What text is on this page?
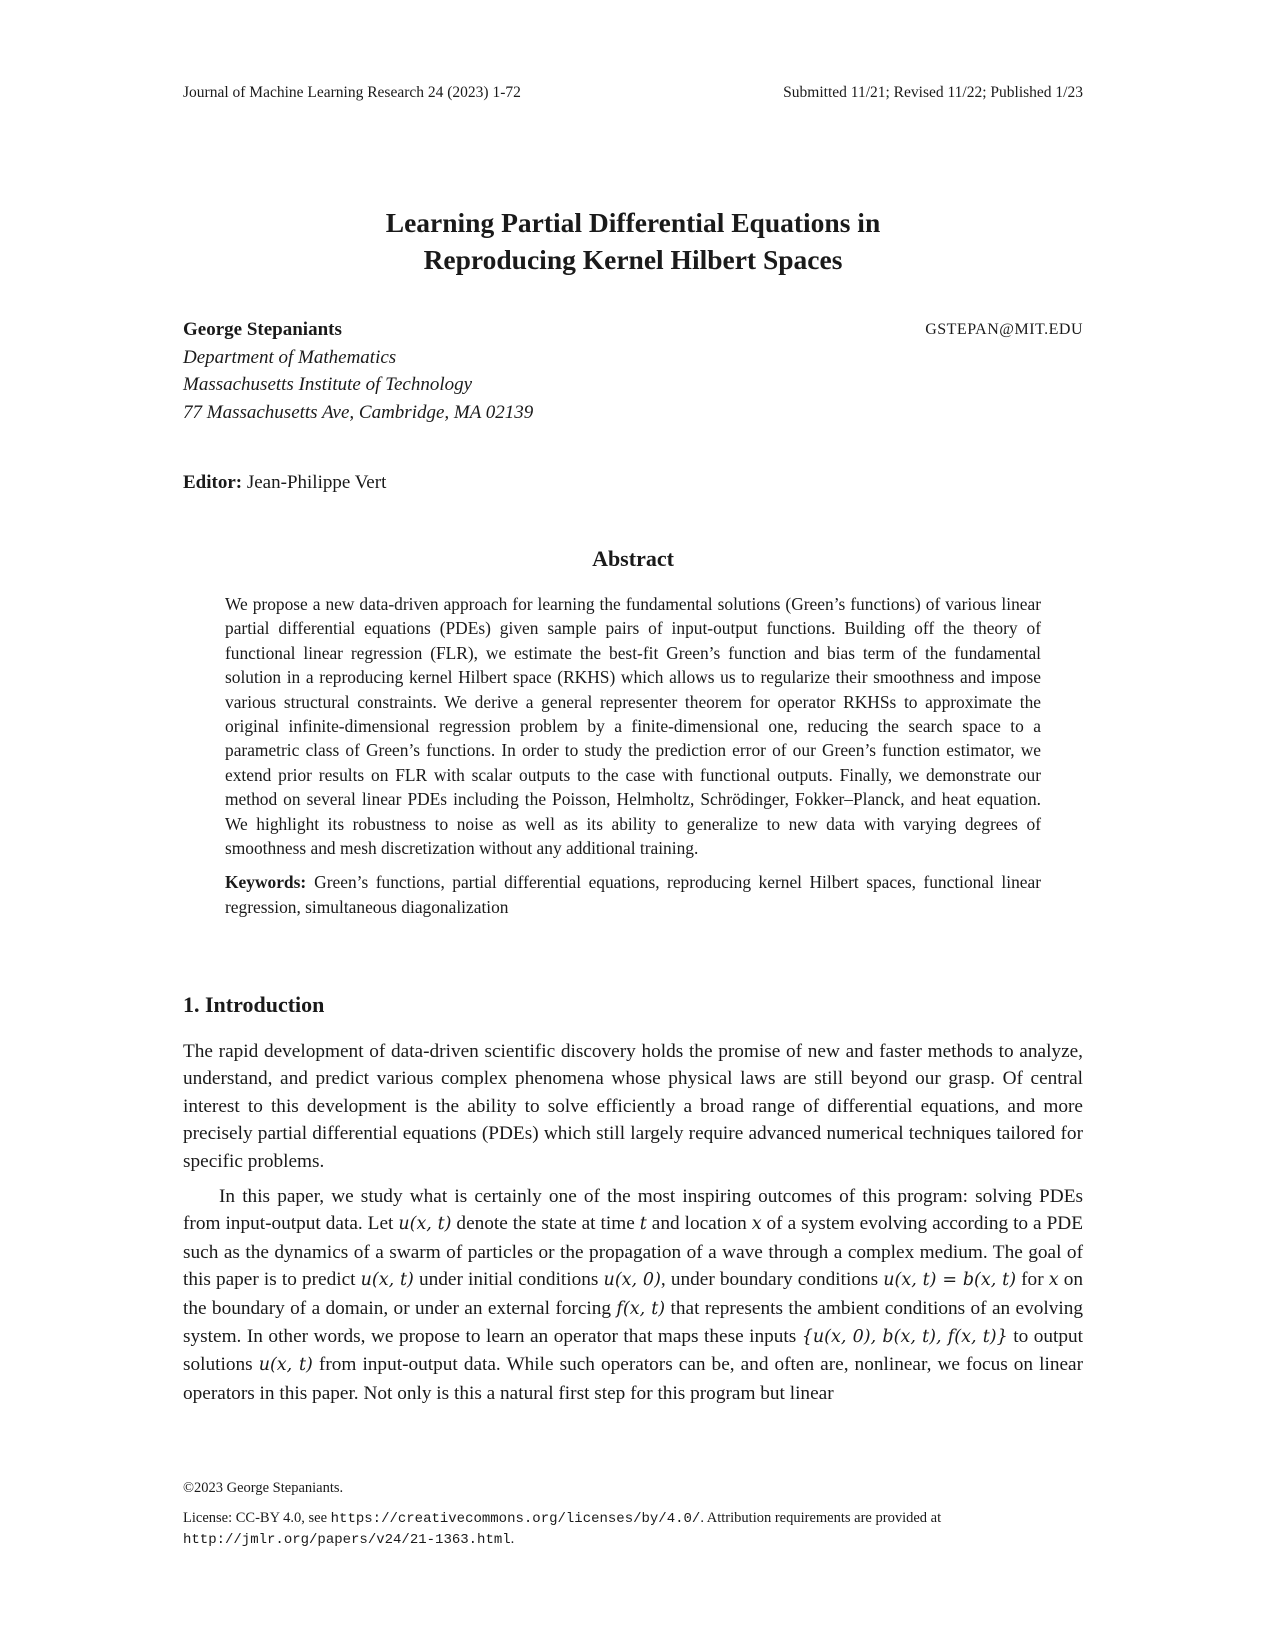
Journal of Machine Learning Research 24 (2023) 1-72	Submitted 11/21; Revised 11/22; Published 1/23
Learning Partial Differential Equations in
Reproducing Kernel Hilbert Spaces
George Stepaniants	GSTEPAN@MIT.EDU
Department of Mathematics
Massachusetts Institute of Technology
77 Massachusetts Ave, Cambridge, MA 02139
Editor: Jean-Philippe Vert
Abstract

We propose a new data-driven approach for learning the fundamental solutions (Green’s functions) of various linear partial differential equations (PDEs) given sample pairs of input-output functions. Building off the theory of functional linear regression (FLR), we estimate the best-fit Green’s function and bias term of the fundamental solution in a reproducing kernel Hilbert space (RKHS) which allows us to regularize their smoothness and impose various structural constraints. We derive a general representer theorem for operator RKHSs to approximate the original infinite-dimensional regression problem by a finite-dimensional one, reducing the search space to a parametric class of Green’s functions. In order to study the prediction error of our Green’s function estimator, we extend prior results on FLR with scalar outputs to the case with functional outputs. Finally, we demonstrate our method on several linear PDEs including the Poisson, Helmholtz, Schrödinger, Fokker–Planck, and heat equation. We highlight its robustness to noise as well as its ability to generalize to new data with varying degrees of smoothness and mesh discretization without any additional training.

Keywords: Green’s functions, partial differential equations, reproducing kernel Hilbert spaces, functional linear regression, simultaneous diagonalization

1. Introduction

The rapid development of data-driven scientific discovery holds the promise of new and faster methods to analyze, understand, and predict various complex phenomena whose physical laws are still beyond our grasp. Of central interest to this development is the ability to solve efficiently a broad range of differential equations, and more precisely partial differential equations (PDEs) which still largely require advanced numerical techniques tailored for specific problems.

In this paper, we study what is certainly one of the most inspiring outcomes of this program: solving PDEs from input-output data. Let u(x, t) denote the state at time t and location x of a system evolving according to a PDE such as the dynamics of a swarm of particles or the propagation of a wave through a complex medium. The goal of this paper is to predict u(x, t) under initial conditions u(x, 0), under boundary conditions u(x, t) = b(x, t) for x on the boundary of a domain, or under an external forcing f(x, t) that represents the ambient conditions of an evolving system. In other words, we propose to learn an operator that maps these inputs {u(x, 0), b(x, t), f(x, t)} to output solutions u(x, t) from input-output data. While such operators can be, and often are, nonlinear, we focus on linear operators in this paper. Not only is this a natural first step for this program but linear

©2023 George Stepaniants.
License: CC-BY 4.0, see https://creativecommons.org/licenses/by/4.0/. Attribution requirements are provided at
http://jmlr.org/papers/v24/21-1363.html.
